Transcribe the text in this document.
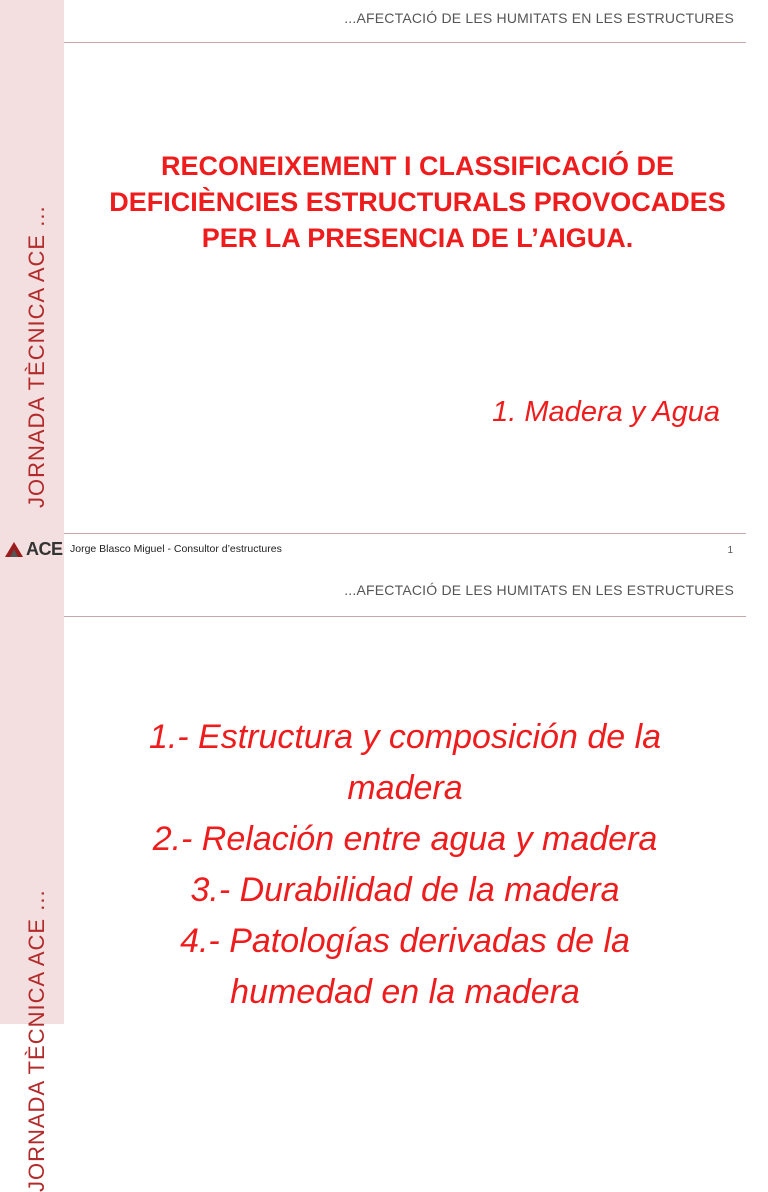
JORNADA TÈCNICA ACE ...
...AFECTACIÓ DE LES HUMITATS EN LES ESTRUCTURES
RECONEIXEMENT I CLASSIFICACIÓ DE
DEFICIÈNCIES ESTRUCTURALS PROVOCADES
PER LA PRESENCIA DE L’AIGUA.
1. Madera y Agua
ACE Jorge Blasco Miguel - Consultor d’estructures	1
JORNADA TÈCNICA ACE ...
...AFECTACIÓ DE LES HUMITATS EN LES ESTRUCTURES
1.- Estructura y composición de la
madera
2.- Relación entre agua y madera
3.- Durabilidad de la madera
4.- Patologías derivadas de la
humedad en la madera
